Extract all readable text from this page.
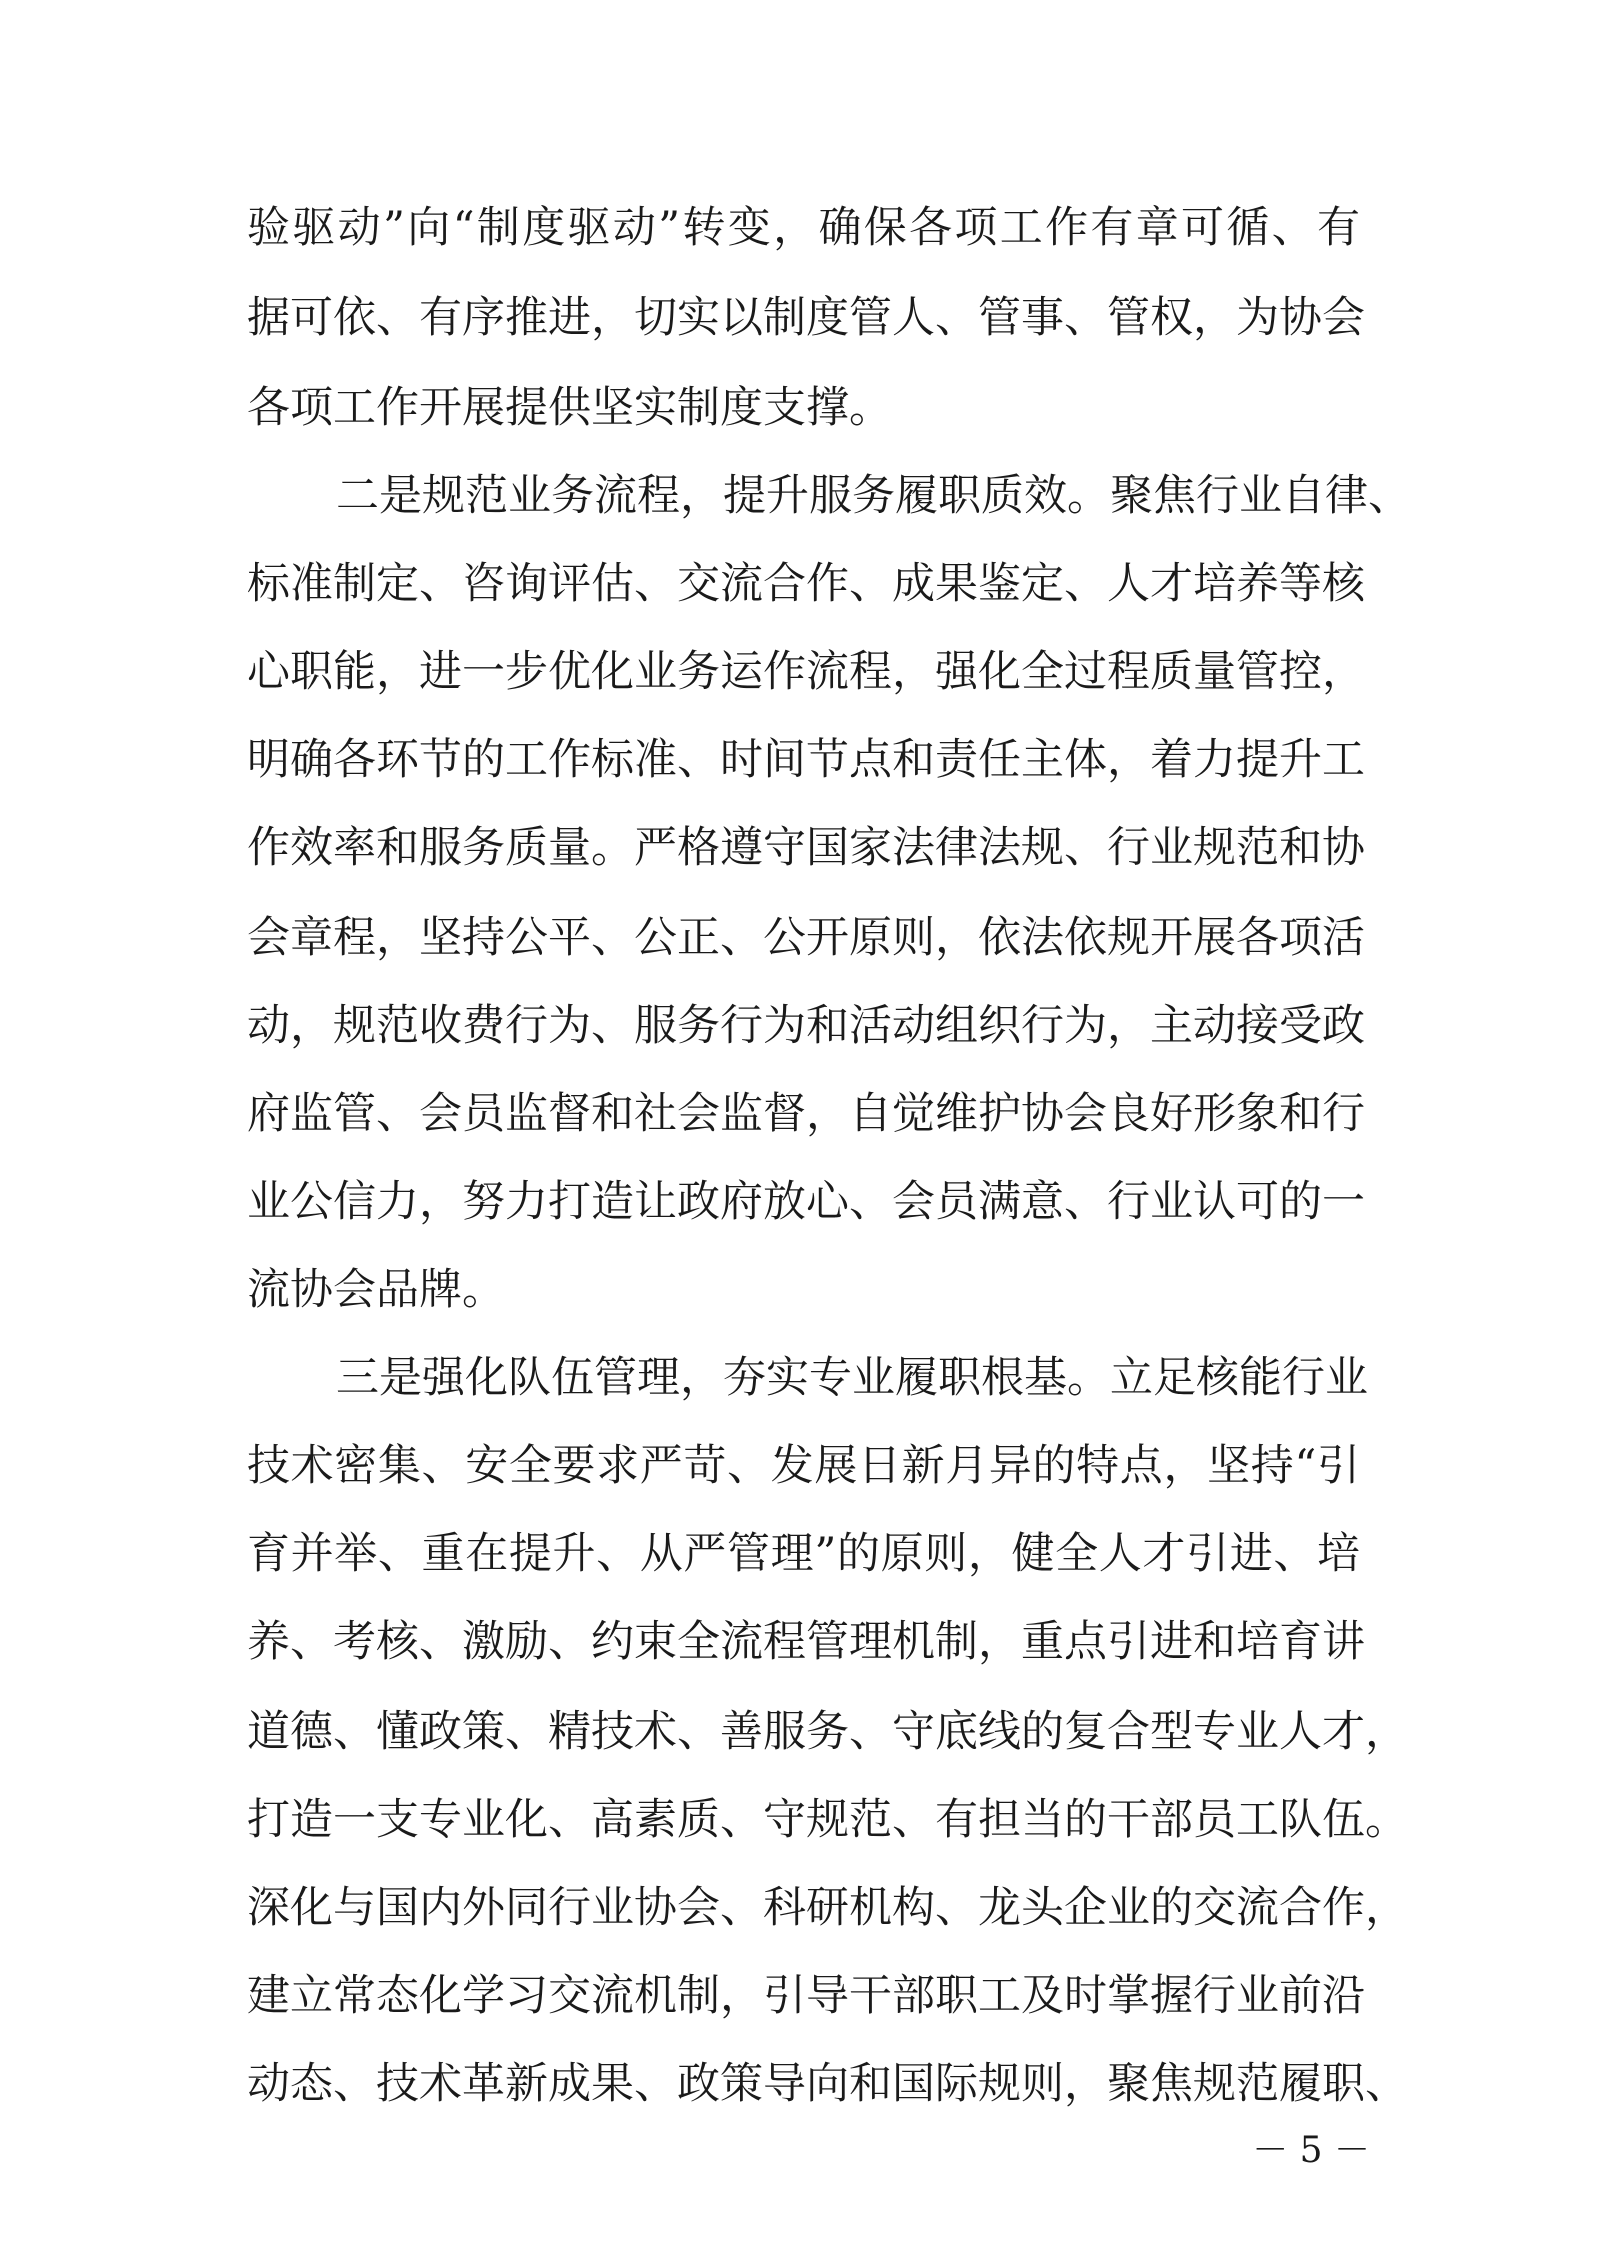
验驱动”向“制度驱动”转变，确保各项工作有章可循、有
据可依、有序推进，切实以制度管人、管事、管权，为协会
各项工作开展提供坚实制度支撑。
二是规范业务流程，提升服务履职质效。聚焦行业自律、
标准制定、咨询评估、交流合作、成果鉴定、人才培养等核
心职能，进一步优化业务运作流程，强化全过程质量管控，
明确各环节的工作标准、时间节点和责任主体，着力提升工
作效率和服务质量。严格遵守国家法律法规、行业规范和协
会章程，坚持公平、公正、公开原则，依法依规开展各项活
动，规范收费行为、服务行为和活动组织行为，主动接受政
府监管、会员监督和社会监督，自觉维护协会良好形象和行
业公信力，努力打造让政府放心、会员满意、行业认可的一
流协会品牌。
三是强化队伍管理，夯实专业履职根基。立足核能行业
技术密集、安全要求严苛、发展日新月异的特点，坚持“引
育并举、重在提升、从严管理”的原则，健全人才引进、培
养、考核、激励、约束全流程管理机制，重点引进和培育讲
道德、懂政策、精技术、善服务、守底线的复合型专业人才，
打造一支专业化、高素质、守规范、有担当的干部员工队伍。
深化与国内外同行业协会、科研机构、龙头企业的交流合作，
建立常态化学习交流机制，引导干部职工及时掌握行业前沿
动态、技术革新成果、政策导向和国际规则，聚焦规范履职、
－ 5 －
